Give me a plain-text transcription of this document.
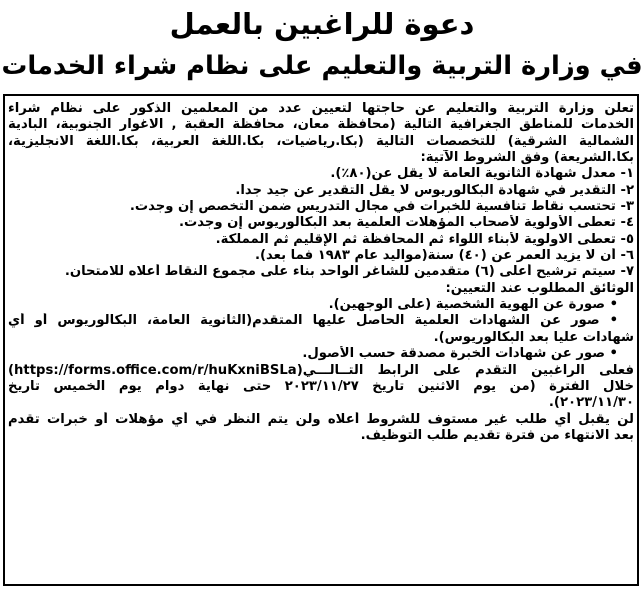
دعوة للراغبين بالعمل
في وزارة التربية والتعليم على نظام شراء الخدمات
تعلن وزارة التربية والتعليم عن حاجتها لتعيين عدد من المعلمين الذكور على نظام شراء
الخدمات للمناطق الجغرافية التالية (محافظة معان، محافظة العقبة , الاغوار الجنوبية، البادية
الشمالية الشرقية) للتخصصات التالية (بكا.رياضيات، بكا.اللغة العربية، بكا.اللغة الانجليزية،
بكا.الشريعة) وفق الشروط الآتية:
١- معدل شهادة الثانوية العامة لا يقل عن(٨٠٪).
٢- التقدير في شهادة البكالوريوس لا يقل التقدير عن جيد جدا.
٣- تحتسب نقاط تنافسية للخبرات في مجال التدريس ضمن التخصص إن وجدت.
٤- تعطى الأولوية لأصحاب المؤهلات العلمية بعد البكالوريوس إن وجدت.
٥- تعطى الاولوية لأبناء اللواء ثم المحافظة ثم الإقليم ثم المملكة.
٦- أن لا يزيد العمر عن (٤٠) سنة(مواليد عام ١٩٨٣ فما بعد).
٧- سيتم ترشيح أعلى (٦) متقدمين للشاغر الواحد بناء على مجموع النقاط أعلاه للامتحان.
الوثائق المطلوب عند التعيين:
• صورة عن الهوية الشخصية (على الوجهين).
• صور عن الشهادات العلمية الحاصل عليها المتقدم(الثانوية العامة، البكالوريوس أو أي
شهادات عليا بعد البكالوريوس).
• صور عن شهادات الخبرة مصدقة حسب الأصول.
فعلى الراغبين التقدم على الرابط التــالـــي(https://forms.office.com/r/huKxniBSLa)
خلال الفترة (من يوم الاثنين تاريخ ٢٠٢٣/١١/٢٧ حتى نهاية دوام يوم الخميس تاريخ
٢٠٢٣/١١/٣٠).
لن يقبل أي طلب غير مستوف للشروط أعلاه ولن يتم النظر في أي مؤهلات أو خبرات تقدم
بعد الانتهاء من فترة تقديم طلب التوظيف.
